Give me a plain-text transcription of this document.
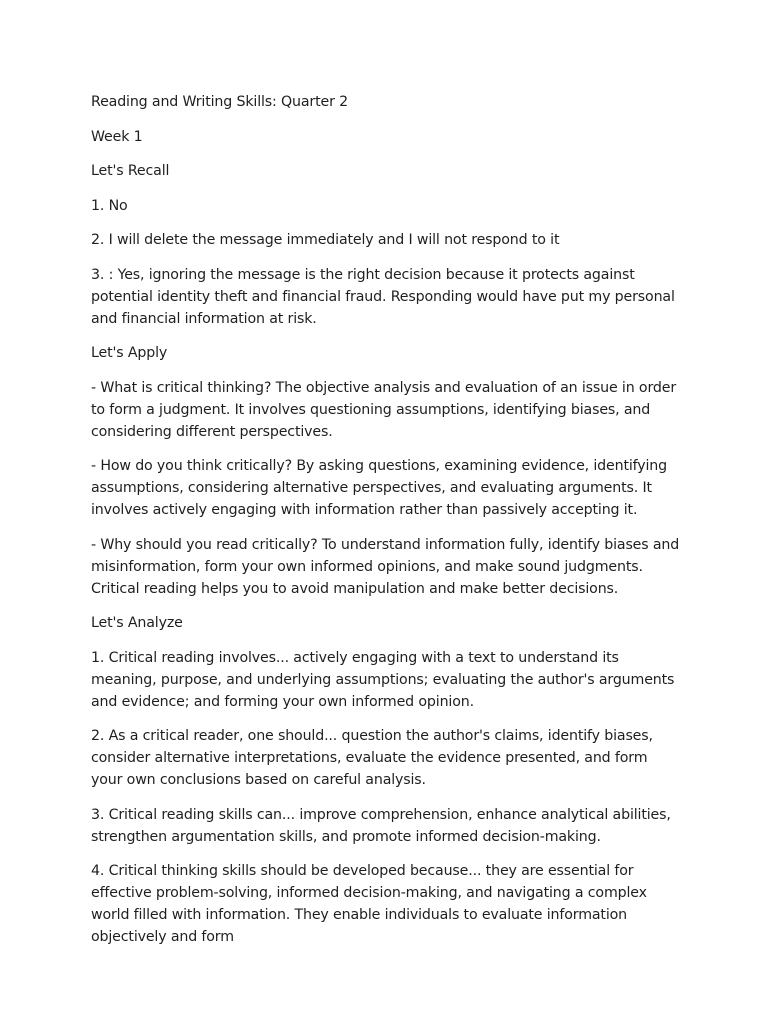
Reading and Writing Skills: Quarter 2

Week 1

Let's Recall

1. No

2. I will delete the message immediately and I will not respond to it

3. : Yes, ignoring the message is the right decision because it protects against potential identity theft and financial fraud. Responding would have put my personal and financial information at risk.

Let's Apply

- What is critical thinking? The objective analysis and evaluation of an issue in order to form a judgment. It involves questioning assumptions, identifying biases, and considering different perspectives.

- How do you think critically? By asking questions, examining evidence, identifying assumptions, considering alternative perspectives, and evaluating arguments. It involves actively engaging with information rather than passively accepting it.

- Why should you read critically? To understand information fully, identify biases and misinformation, form your own informed opinions, and make sound judgments. Critical reading helps you to avoid manipulation and make better decisions.

Let's Analyze

1. Critical reading involves... actively engaging with a text to understand its meaning, purpose, and underlying assumptions; evaluating the author's arguments and evidence; and forming your own informed opinion.

2. As a critical reader, one should... question the author's claims, identify biases, consider alternative interpretations, evaluate the evidence presented, and form your own conclusions based on careful analysis.

3. Critical reading skills can... improve comprehension, enhance analytical abilities, strengthen argumentation skills, and promote informed decision-making.

4. Critical thinking skills should be developed because... they are essential for effective problem-solving, informed decision-making, and navigating a complex world filled with information. They enable individuals to evaluate information objectively and form
